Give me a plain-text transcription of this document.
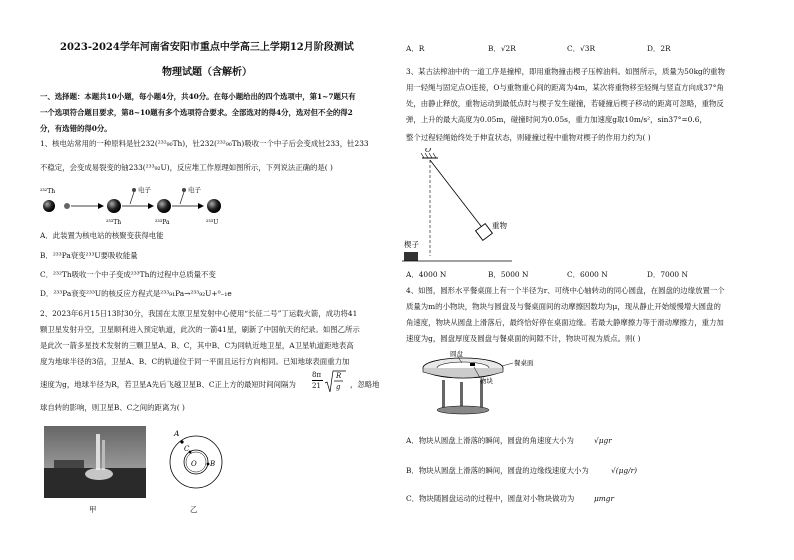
2023-2024学年河南省安阳市重点中学高三上学期12月阶段测试
物理试题（含解析）
一、选择题：本题共10小题，每小题4分，共40分。在每小题给出的四个选项中，第1~7题只有
一个选项符合题目要求，第8~10题有多个选项符合要求。全部选对的得4分，选对但不全的得2
分，有选错的得0分。
1、核电站常用的一种原料是钍232(²³²₉₀Th)，钍232(²³²₉₀Th)吸收一个中子后会变成钍233，钍233
不稳定，会变成易裂变的铀233(²³³₉₂U)，反应堆工作原理如图所示，下列说法正确的是( )
²³²Th
²³³Th
电子
²³³Pa
电子
²³³U
A．此装置为核电站的核聚变获得电能
B．²³³Pa衰变²³³U要吸收能量
C．²³²Th吸收一个中子变成²³³Th的过程中总质量不变
D．²³³Pa衰变²³³U的核反应方程式是²³³₉₁Pa→²³³₉₂U+⁰₋₁e
2、2023年6月15日13时30分，我国在太原卫星发射中心使用“长征二号”丁运载火箭，成功将41
颗卫星发射升空，卫星顺利进入预定轨道，此次的一箭41星，刷新了中国航天的纪录。如图乙所示
是此次一箭多星技术发射的三颗卫星A、B、C，其中B、C为同轨近地卫星，A卫星轨道距地表高
度为地球半径的3倍，卫星A、B、C的轨道位于同一平面且运行方向相同。已知地球表面重力加
速度为g，地球半径为R，若卫星A先后飞越卫星B、C正上方的最短时间间隔为
8π
21
R
g ，忽略地
球自转的影响，则卫星B、C之间的距离为( )
甲
A
C
B
O
乙
A．R	B．√2R	C．√3R	D．2R
3、某古法榨油中的一道工序是撞榨，即用重物撞击楔子压榨油料。如图所示，质量为50kg的重物
用一轻绳与固定点O连接，O与重物重心间的距离为4m，某次将重物移至轻绳与竖直方向成37°角
处，由静止释放，重物运动到最低点时与楔子发生碰撞，若碰撞后楔子移动的距离可忽略，重物反
弹，上升的最大高度为0.05m，碰撞时间为0.05s，重力加速度g取10m/s²，sin37°=0.6，
整个过程轻绳始终处于伸直状态，则碰撞过程中重物对楔子的作用力约为( )
O
重物
楔子
A．4000 N	B．5000 N	C．6000 N	D．7000 N
4、如图，圆形水平餐桌面上有一个半径为r、可绕中心轴转动的同心圆盘，在圆盘的边缘放置一个
质量为m的小物块，物块与圆盘及与餐桌面间的动摩擦因数均为μ，现从静止开始缓慢增大圆盘的
角速度，物块从圆盘上滑落后，最终恰好停在桌面边缘。若最大静摩擦力等于滑动摩擦力，重力加
速度为g，圆盘厚度及圆盘与餐桌面的间隙不计，物块可视为质点。则( )
圆盘
餐桌面
物块
A．物块从圆盘上滑落的瞬间，圆盘的角速度大小为	√μgr
B．物块从圆盘上滑落的瞬间，圆盘的边缘线速度大小为	√(μg/r)
C．物块随圆盘运动的过程中，圆盘对小物块做功为	μmgr
